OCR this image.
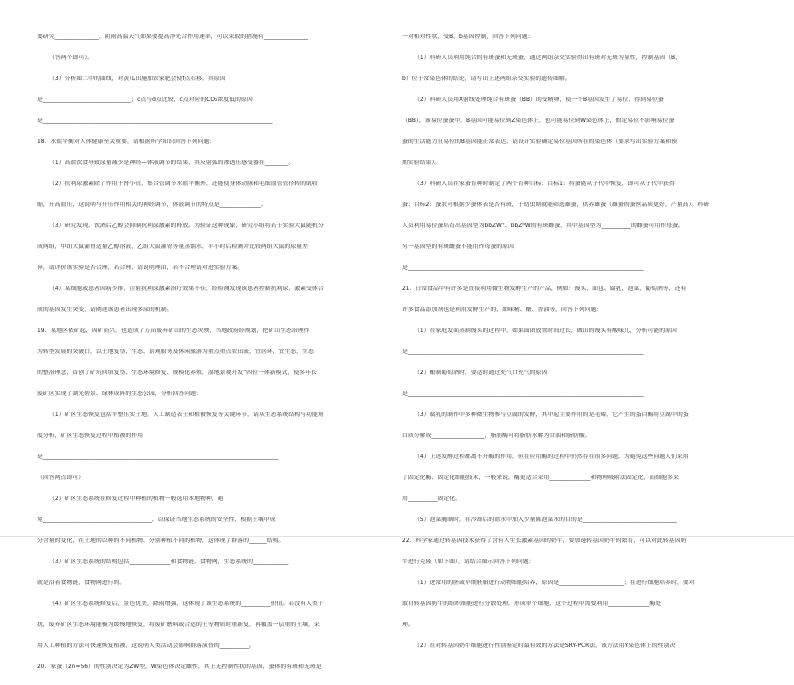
要研究_______________，阴雨高温天气如果要提高净光合作用速率，可以采取的措施有_______________
（答两个即可）。
（3）分析图二中的曲线，对黄瓜田施加农家肥会使f点右移，其原因
是______________________________；c点与d点比较，c点对应的CO₂浓度低的原因
是______________________________________________________________________________
18．水盐平衡对人体健康至关重要，请根据所学知识回答下列问题：
（1）高盐饮食导致尿量减少是神经—体液调节的结果，其反射弧的渗透压感受器在________。
（2）抗利尿激素除了作用于肾小管，集合管调节水盐平衡外，还能使身体动脉和毛细血管管径转的肌收
缩，升高血压，这说明与升压作用相关的神经调节，体液调节的特点是______________。
（3）研究发现，饮酒后乙醇会抑制抗利尿激素的释放。为验证这种现象，研究小组将若干实验大鼠随机分
成两组，甲组大鼠灌胃适量乙醇溶液，乙组大鼠灌胃等量蒸馏水，半小时后检测并比较两组大鼠的尿量差
异，请评价该实验是否合理，若合理，请说明理由，若不合理请对进实验方案。
（4）某细胞或患者因病少排，注射抗利尿激素治疗效果不佳，经检测发现该患者控制抗利尿，激素受体合
成的基因发生突变，请阐述该患者出现多尿的机制。
19．某地区依矿起，因矿而兴，也造成了万亩废弃矿山的生态灾殃，当地政府经规划，把矿山生态治理作
为转型发展的突破口，以土地复垦、生态、景观服务及休闲旅游为重点重点农田流、宜居环，宜生态，生态
的整治理念，首创了矿坑回填复垦、生态环境修复、规模化养殖，湿地景观开发”四位一体新模式，使多年长
废矿区实现了湖光碧景、绿林成阵的生态公园，分析回答问题：
（1）矿区生态恢复包括平整压实土地，人工制造表土和植被恢复等关键环节，请从生态系统结构与功能角
度分析，矿区生态恢复过程中植被的作用
是________________________________________________________________________________
（回答两点即可）
（2）矿区生态系统在修复过程中种植的植物一般选用本地物种，避
免_____________________________________，以保证当地生态系统的安全性，根据土壤中成
分含量的变化，在土地的以种的不同植物，分别种植不同的植物，这体现了群落的______结构。
（3）矿区生态系统的结构包括______________和食物链，食物网，生态系统的____________
就是沿着食物链，食物网进行的。
（4）矿区生态系统修复后，景色优美，降雨增强，这体现了该生态系统的__________价值。若没有人类干
扰，废弃矿区生态环境能极为缓慢地恢复，将废矿磨料或合适的土等物质时重新复，再覆盖一层重的土壤，采
用人工种植的方法可快速恢复植被，这说明人类活动会影响群落演替的__________。
20．家蚕（2n=56）的性别决定为ZW型，W染色体决定雌性，其上无控制性状的基因，蚕体的有斑和无斑是
一对相对性状，受B、b基因控制，回答下列问题：
（1）科研人员利用纯合的有斑蚕和无斑蚕，通过两组杂交实验得出有斑对无斑为显性，控制基因（B、
b）位于常染色体的结论，请写出上述两组杂交实验的遗传图解。
（2）科研人员用X射线处理纯合有斑蚕（BB）的受精卵，使一个B基因发生了易位，得到易位蚕
（BB），该易位蚕蚕中，B基因可能易位到Z染色体上，也可能易位到W染色体上，假定易位不影响易位蚕
蚕的生活能力且易位的B基因能正常表达，请设计实验确定易位基因所在的染色体（要求写出实验方案和预
期实验结果）。
（3）科研人员在家蚕育种时制定了两个育种目标：目标1：持蚕能从子代中恢复，即可从子代中获得
蚕；目标2：蚕农可根据少蚕体表是否有斑，于幼虫期就能筛选雄蚕，供养雄蚕（雄蚕的蚕丝品质更好，产量高）。科研
人员利用易位蚕培育出基因型为bbZW⁺、bbZᴮW的有斑雌蚕，其中基因型为__________的雌蚕可用作母蚕。
另一基因型的有斑雌蚕不能用作母蚕的原因
是________________________________________________________________________________
21．日常食品中有许多是直接利用微生物发酵生产的产品，例如：馒头、面包、腐乳、泡菜、葡萄酒等，还有
许多食品添加剂也是利用发酵生产的，如味精、醋、香油等，回答下列问题：
（1）在家庭发面蒸制馒头的过程中，如果面团放置时间过长，做出的馒头有酸味儿，分析可能的原因
是________________________________________________________________________________
（2）酿制葡萄酒时，要适时通过充气口充气的原因
是________________________________________________________________________________
（3）腐乳的制作中多种微生物参与豆腐的发酵，其中起主要作用的是毛霉，它产生的蛋白酶将豆腐中的蛋
白质分解成__________________，脂肪酶可将脂肪水解为甘油和脂肪酸。
（4）上述发酵过程都离不开酶的作用，但在应用酶的过程中仍然存在很多问题，为避免这些问题人们采用
了固定化酶、固定化细胞技术，一般来说，酶更适合采用______________和物理吸附法固定化，而细胞多采
用__________固定化。
（5）泡菜腌制时，在冷却后的盐水中加入少量陈泡菜水的目的是________________________________
22．科学家通过转基因技术获得了含有人生长激素基因的奶牛，要加速转基因奶牛的繁育，可以对此转基因奶
牛进行克隆（如下图），请结合图示回答下列问题：
（1）进常用的胚或早期胚胎进行动物细胞培养，原因是______________________；在进行细胞培养时，要对
取自转基因奶牛的组织细胞进行分散处理，形成单个细胞，这个过程中需要利用______________酶处
理。
（2）在对转基因奶牛细胞进行性别鉴定时最有效的方法是SRY-PCR法，该方法用Y染色体上的性别决
